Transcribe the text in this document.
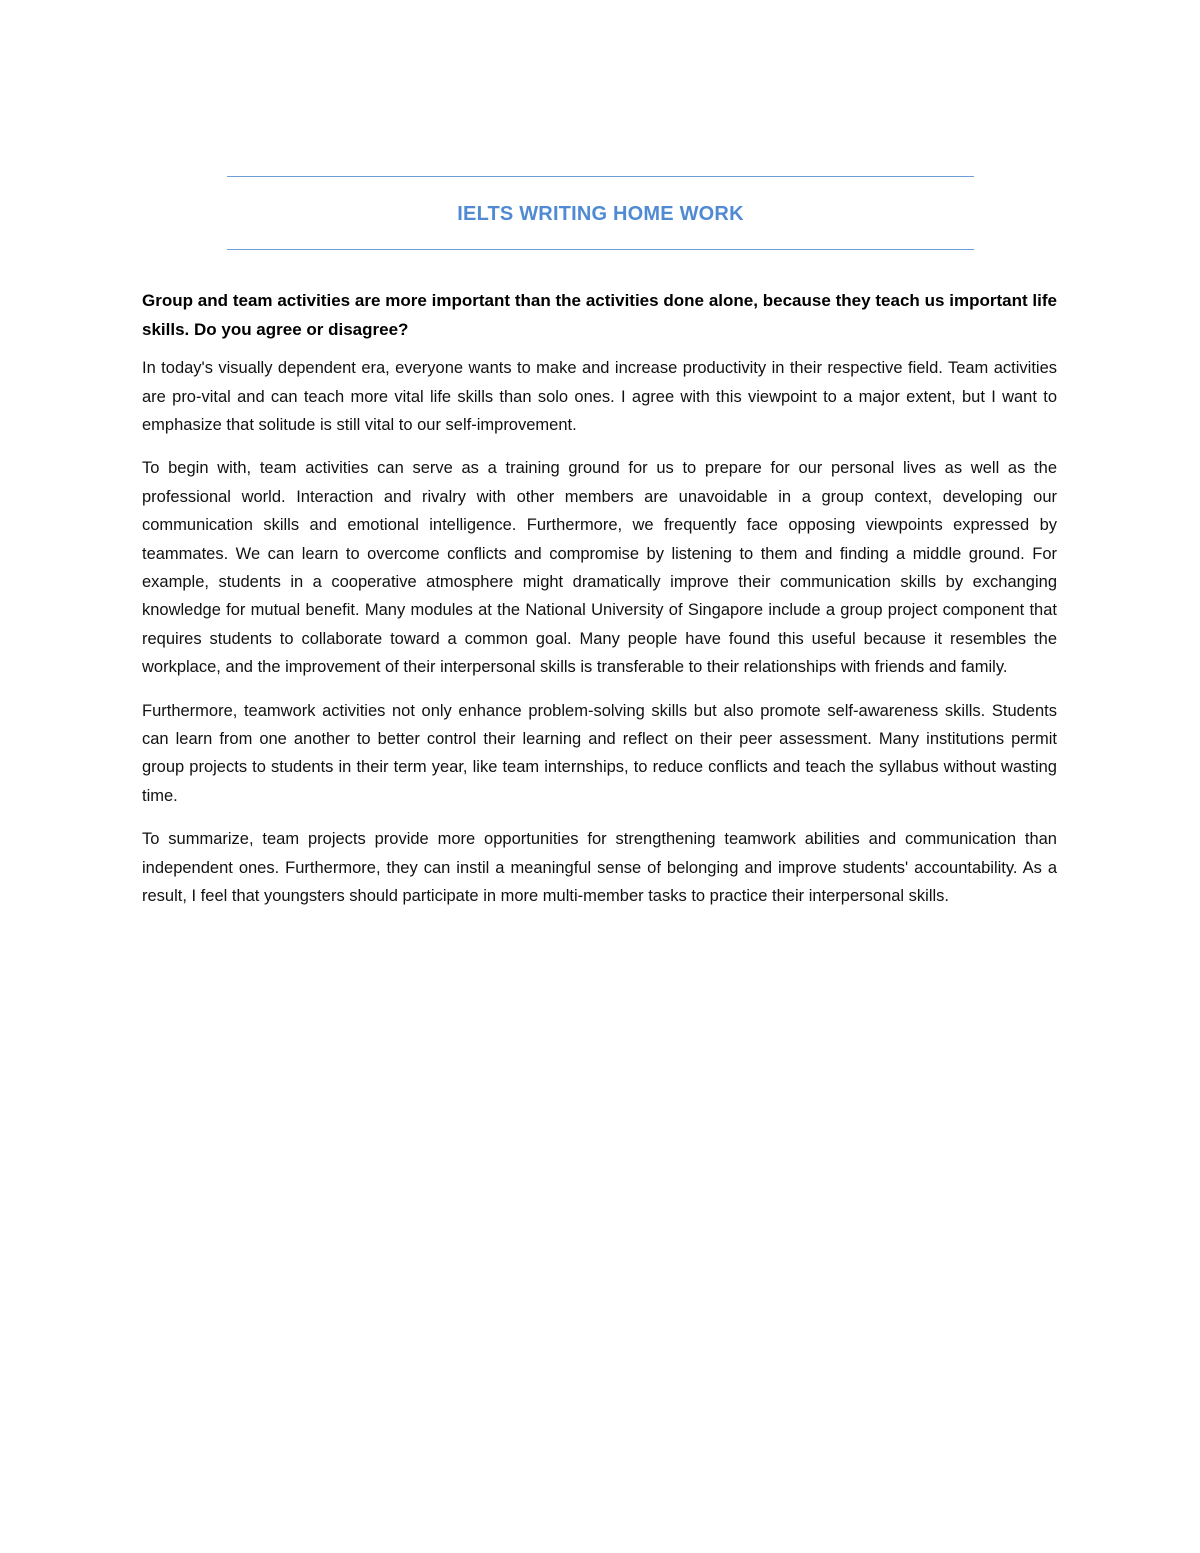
IELTS WRITING HOME WORK

Group and team activities are more important than the activities done alone, because they teach us important life skills. Do you agree or disagree?

In today's visually dependent era, everyone wants to make and increase productivity in their respective field. Team activities are pro-vital and can teach more vital life skills than solo ones. I agree with this viewpoint to a major extent, but I want to emphasize that solitude is still vital to our self-improvement.

To begin with, team activities can serve as a training ground for us to prepare for our personal lives as well as the professional world. Interaction and rivalry with other members are unavoidable in a group context, developing our communication skills and emotional intelligence. Furthermore, we frequently face opposing viewpoints expressed by teammates. We can learn to overcome conflicts and compromise by listening to them and finding a middle ground. For example, students in a cooperative atmosphere might dramatically improve their communication skills by exchanging knowledge for mutual benefit. Many modules at the National University of Singapore include a group project component that requires students to collaborate toward a common goal. Many people have found this useful because it resembles the workplace, and the improvement of their interpersonal skills is transferable to their relationships with friends and family.

Furthermore, teamwork activities not only enhance problem-solving skills but also promote self-awareness skills. Students can learn from one another to better control their learning and reflect on their peer assessment. Many institutions permit group projects to students in their term year, like team internships, to reduce conflicts and teach the syllabus without wasting time.

To summarize, team projects provide more opportunities for strengthening teamwork abilities and communication than independent ones. Furthermore, they can instil a meaningful sense of belonging and improve students' accountability. As a result, I feel that youngsters should participate in more multi-member tasks to practice their interpersonal skills.
